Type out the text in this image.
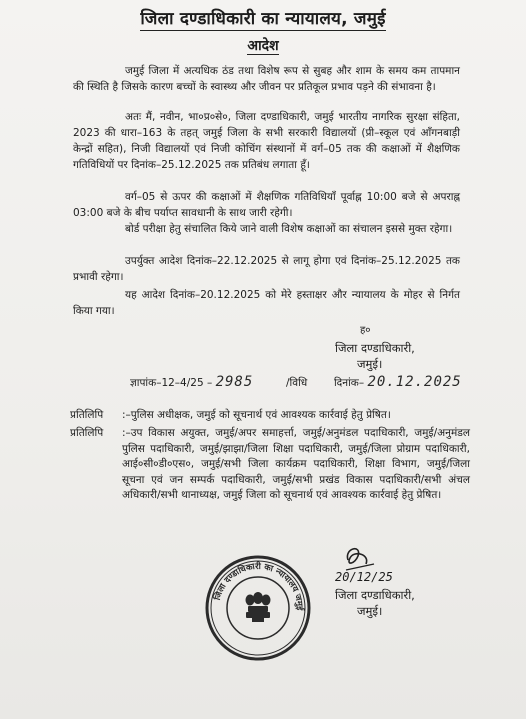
जिला दण्डाधिकारी का न्यायालय, जमुई
आदेश
जमुई जिला में अत्यधिक ठंड तथा विशेष रूप से सुबह और शाम के समय कम तापमान की स्थिति है जिसके कारण बच्चों के स्वास्थ्य और जीवन पर प्रतिकूल प्रभाव पड़ने की संभावना है।
अतः मैं, नवीन, भा०प्र०से०, जिला दण्डाधिकारी, जमुई भारतीय नागरिक सुरक्षा संहिता, 2023 की धारा–163 के तहत् जमुई जिला के सभी सरकारी विद्यालयों (प्री–स्कूल एवं आँगनबाड़ी केन्द्रों सहित), निजी विद्यालयों एवं निजी कोचिंग संस्थानों में वर्ग–05 तक की कक्षाओं में शैक्षणिक गतिविधियों पर दिनांक–25.12.2025 तक प्रतिबंध लगाता हूँ।
वर्ग–05 से ऊपर की कक्षाओं में शैक्षणिक गतिविधियाँ पूर्वाह्न 10:00 बजे से अपराह्न 03:00 बजे के बीच पर्याप्त सावधानी के साथ जारी रहेगी।
बोर्ड परीक्षा हेतु संचालित किये जाने वाली विशेष कक्षाओं का संचालन इससे मुक्त रहेगा।
उपर्युक्त आदेश दिनांक–22.12.2025 से लागू होगा एवं दिनांक–25.12.2025 तक प्रभावी रहेगा।
यह आदेश दिनांक–20.12.2025 को मेरे हस्ताक्षर और न्यायालय के मोहर से निर्गत किया गया।
ह०
जिला दण्डाधिकारी,
जमुई।
ज्ञापांक–12–4/25 – 2985	/विधि	दिनांक– 20.12.2025
प्रतिलिपि :–पुलिस अधीक्षक, जमुई को सूचनार्थ एवं आवश्यक कार्रवाई हेतु प्रेषित।
प्रतिलिपि :–उप विकास अयुक्त, जमुई/अपर समाहर्त्ता, जमुई/अनुमंडल पदाधिकारी, जमुई/अनुमंडल पुलिस पदाधिकारी, जमुई/झाझा/जिला शिक्षा पदाधिकारी, जमुई/जिला प्रोग्राम पदाधिकारी, आई०सी०डी०एस०, जमुई/सभी जिला कार्यक्रम पदाधिकारी, शिक्षा विभाग, जमुई/जिला सूचना एवं जन सम्पर्क पदाधिकारी, जमुई/सभी प्रखंड विकास पदाधिकारी/सभी अंचल अधिकारी/सभी थानाध्यक्ष, जमुई जिला को सूचनार्थ एवं आवश्यक कार्रवाई हेतु प्रेषित।
20/12/25
जिला दण्डाधिकारी,
जमुई।
जिला दण्डाधिकारी का न्यायालय जमुई
